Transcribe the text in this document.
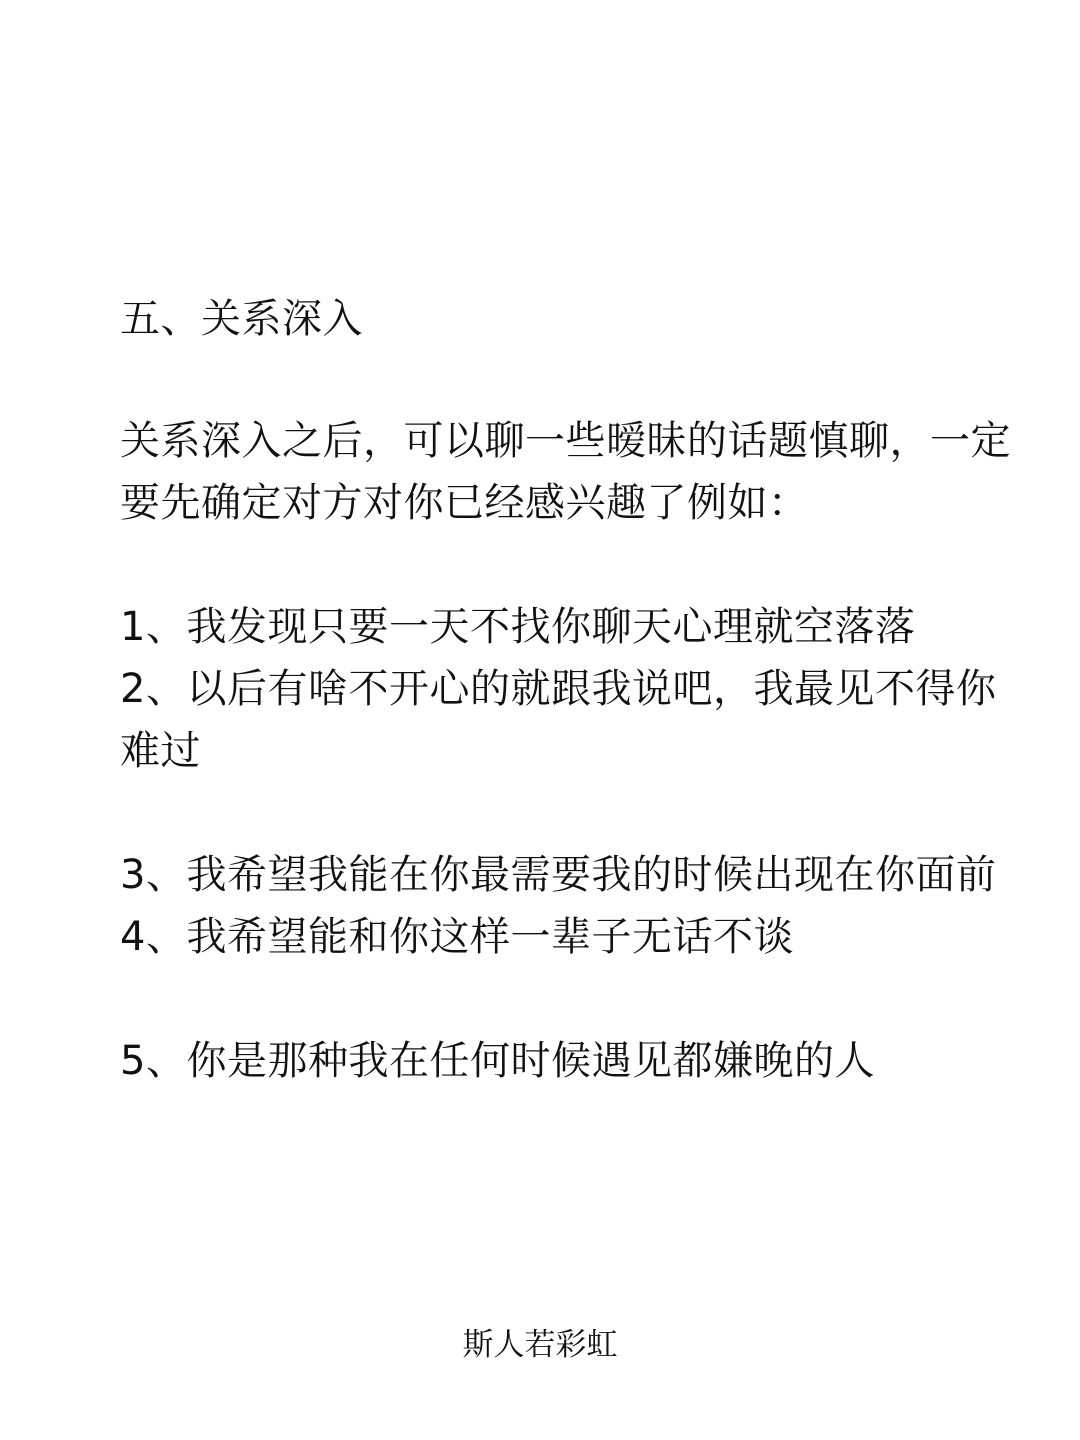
五、关系深入
关系深入之后，可以聊一些暧昧的话题慎聊，一定
要先确定对方对你已经感兴趣了例如：
1、我发现只要一天不找你聊天心理就空落落
2、以后有啥不开心的就跟我说吧，我最见不得你
难过
3、我希望我能在你最需要我的时候出现在你面前
4、我希望能和你这样一辈子无话不谈
5、你是那种我在任何时候遇见都嫌晚的人
斯人若彩虹
